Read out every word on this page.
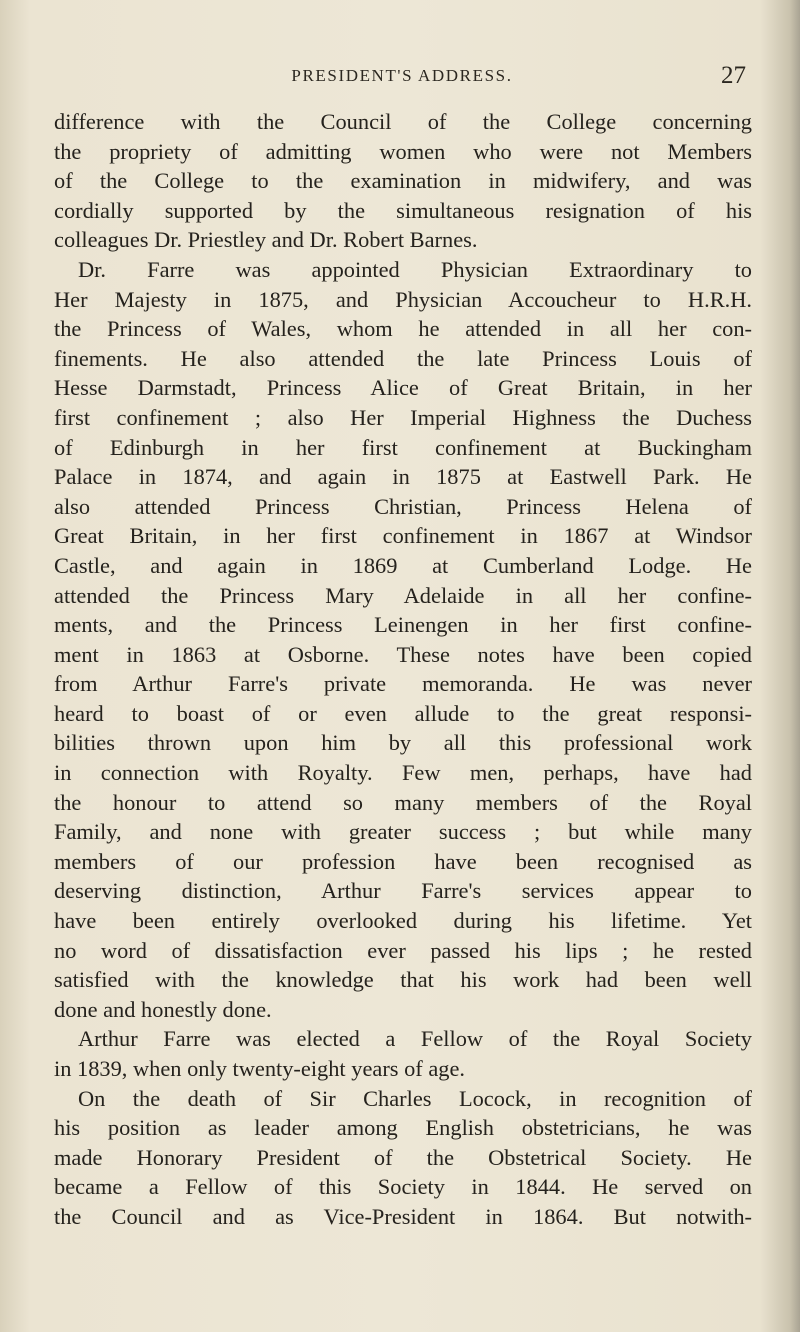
PRESIDENT'S ADDRESS.	27
difference with the Council of the College concerning
the propriety of admitting women who were not Members
of the College to the examination in midwifery, and was
cordially supported by the simultaneous resignation of his
colleagues Dr. Priestley and Dr. Robert Barnes.
Dr. Farre was appointed Physician Extraordinary to
Her Majesty in 1875, and Physician Accoucheur to H.R.H.
the Princess of Wales, whom he attended in all her con-
finements. He also attended the late Princess Louis of
Hesse Darmstadt, Princess Alice of Great Britain, in her
first confinement ; also Her Imperial Highness the Duchess
of Edinburgh in her first confinement at Buckingham
Palace in 1874, and again in 1875 at Eastwell Park. He
also attended Princess Christian, Princess Helena of
Great Britain, in her first confinement in 1867 at Windsor
Castle, and again in 1869 at Cumberland Lodge. He
attended the Princess Mary Adelaide in all her confine-
ments, and the Princess Leinengen in her first confine-
ment in 1863 at Osborne. These notes have been copied
from Arthur Farre's private memoranda. He was never
heard to boast of or even allude to the great responsi-
bilities thrown upon him by all this professional work
in connection with Royalty. Few men, perhaps, have had
the honour to attend so many members of the Royal
Family, and none with greater success ; but while many
members of our profession have been recognised as
deserving distinction, Arthur Farre's services appear to
have been entirely overlooked during his lifetime. Yet
no word of dissatisfaction ever passed his lips ; he rested
satisfied with the knowledge that his work had been well
done and honestly done.
Arthur Farre was elected a Fellow of the Royal Society
in 1839, when only twenty-eight years of age.
On the death of Sir Charles Locock, in recognition of
his position as leader among English obstetricians, he was
made Honorary President of the Obstetrical Society. He
became a Fellow of this Society in 1844. He served on
the Council and as Vice-President in 1864. But notwith-
